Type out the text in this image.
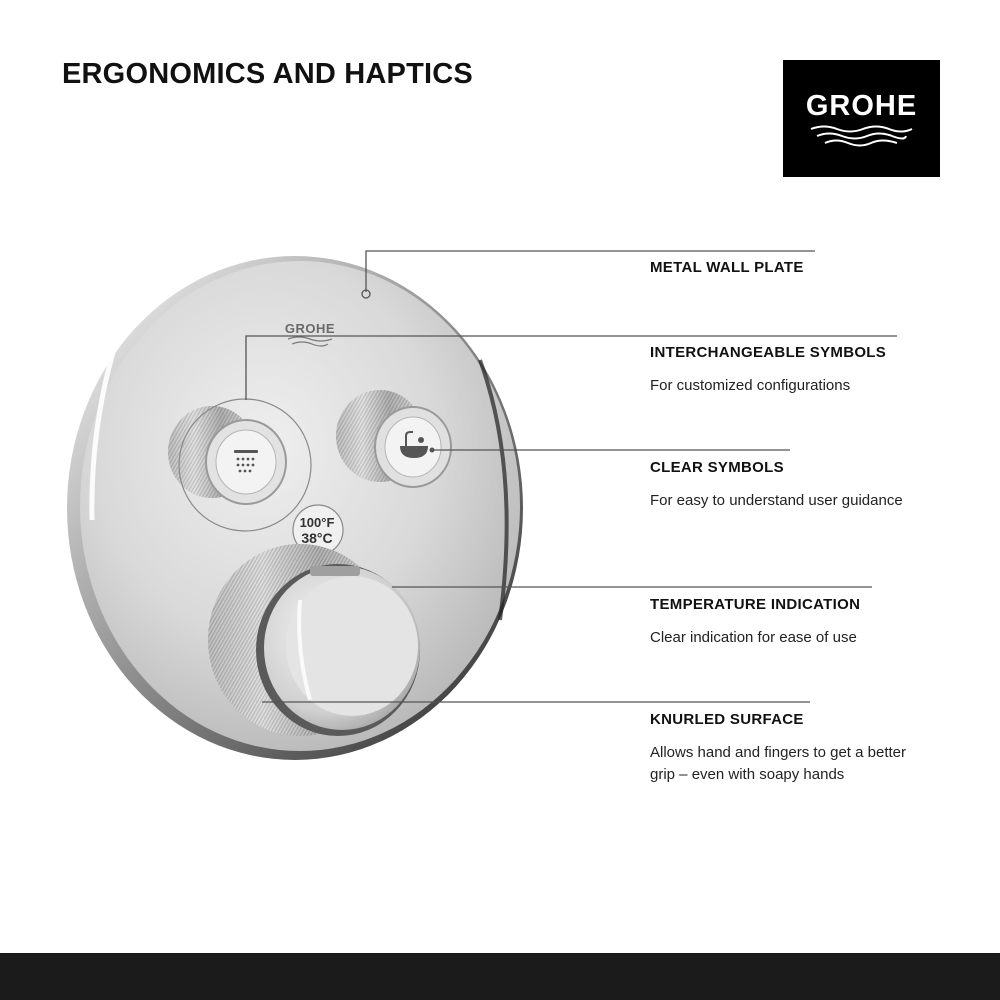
ERGONOMICS AND HAPTICS
GROHE
GROHE
100°F
38°C

METAL WALL PLATE

INTERCHANGEABLE SYMBOLS

For customized configurations

CLEAR SYMBOLS

For easy to understand user guidance

TEMPERATURE INDICATION

Clear indication for ease of use

KNURLED SURFACE

Allows hand and fingers to get a better grip – even with soapy hands
